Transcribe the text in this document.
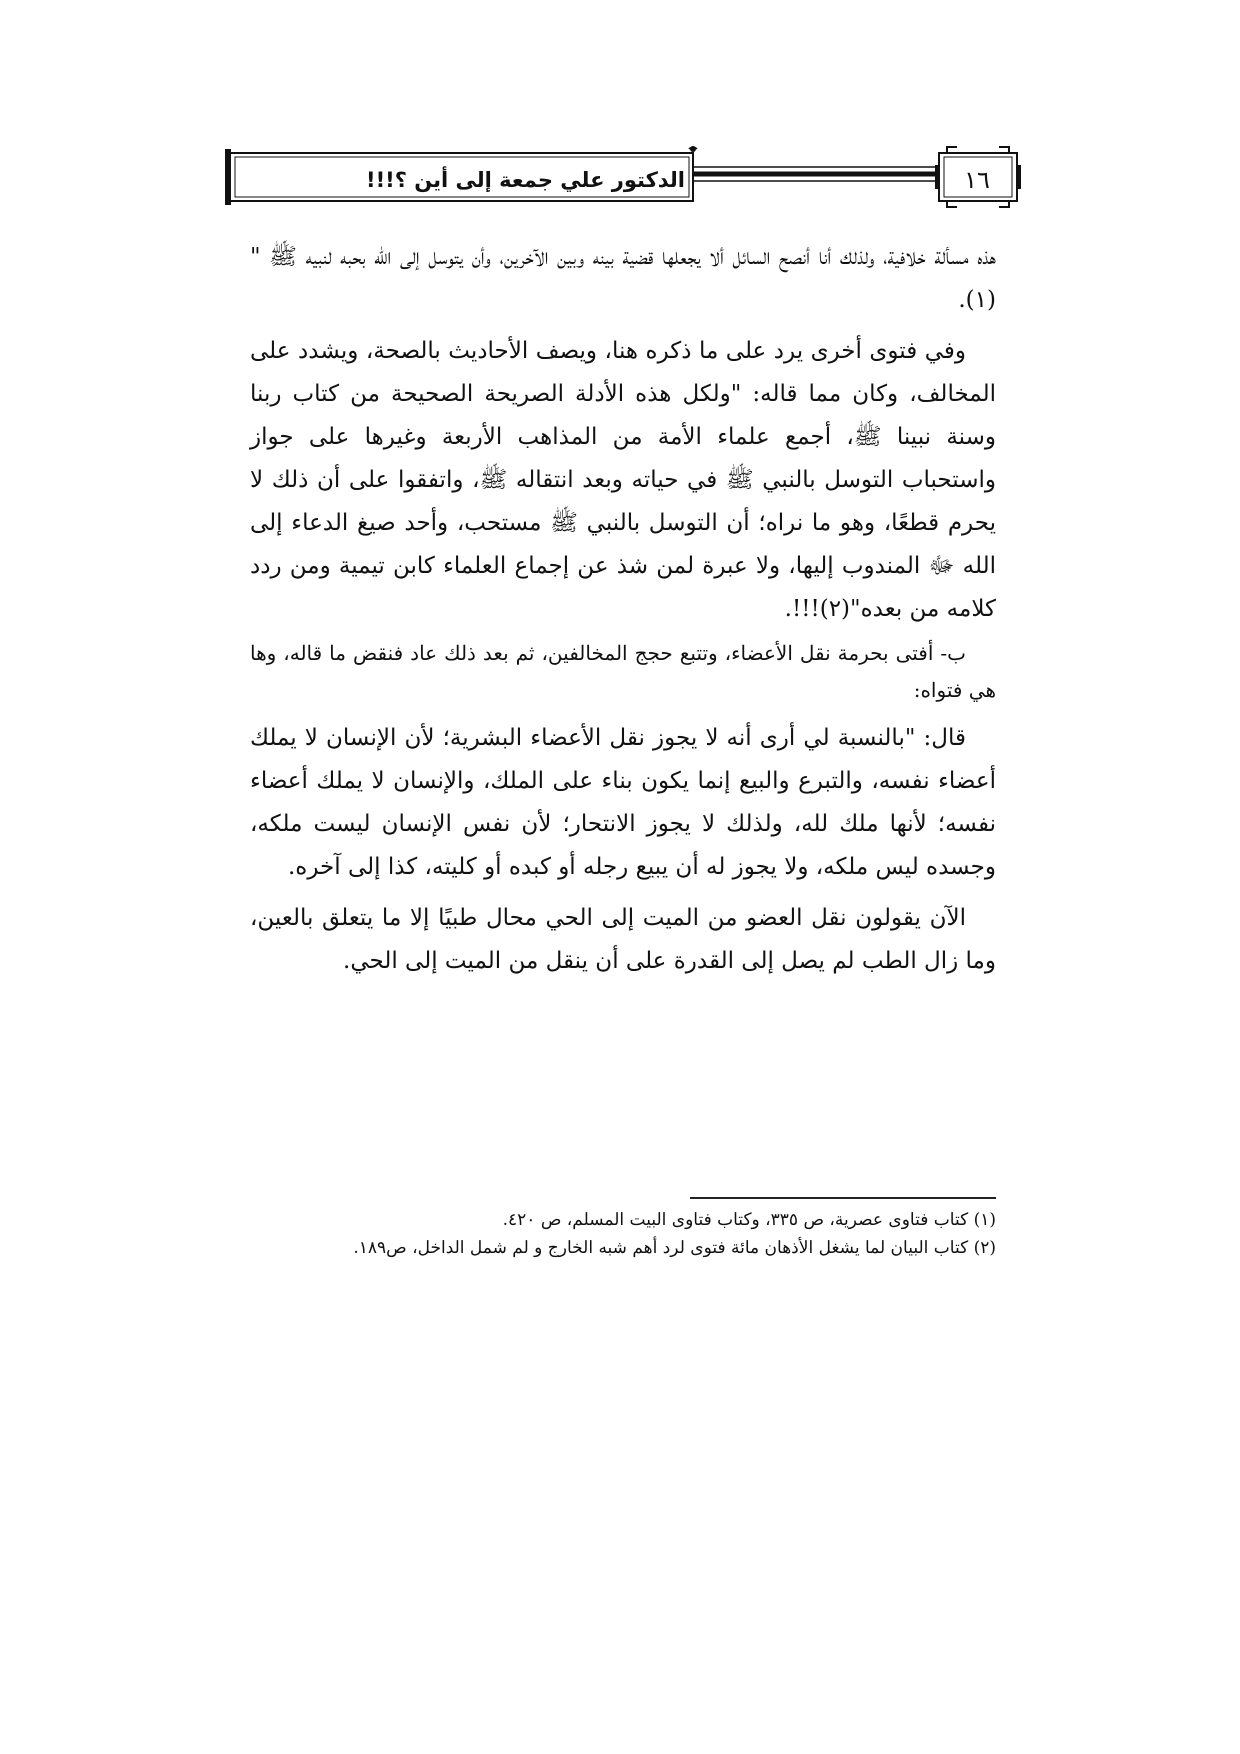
الدكتور علي جمعة إلى أين ؟!!!	١٦

هذه مسألة خلافية، ولذلك أنا أنصح السائل ألا يجعلها قضية بينه وبين الآخرين، وأن يتوسل إلى الله بحبه لنبيه ﷺ "(١).

وفي فتوى أخرى يرد على ما ذكره هنا، ويصف الأحاديث بالصحة، ويشدد على المخالف، وكان مما قاله: "ولكل هذه الأدلة الصريحة الصحيحة من كتاب ربنا وسنة نبينا ﷺ، أجمع علماء الأمة من المذاهب الأربعة وغيرها على جواز واستحباب التوسل بالنبي ﷺ في حياته وبعد انتقاله ﷺ، واتفقوا على أن ذلك لا يحرم قطعًا، وهو ما نراه؛ أن التوسل بالنبي ﷺ مستحب، وأحد صيغ الدعاء إلى الله ﷻ المندوب إليها، ولا عبرة لمن شذ عن إجماع العلماء كابن تيمية ومن ردد كلامه من بعده"(٢)!!!.

ب- أفتى بحرمة نقل الأعضاء، وتتبع حجج المخالفين، ثم بعد ذلك عاد فنقض ما قاله، وها هي فتواه:

قال: "بالنسبة لي أرى أنه لا يجوز نقل الأعضاء البشرية؛ لأن الإنسان لا يملك أعضاء نفسه، والتبرع والبيع إنما يكون بناء على الملك، والإنسان لا يملك أعضاء نفسه؛ لأنها ملك لله، ولذلك لا يجوز الانتحار؛ لأن نفس الإنسان ليست ملكه، وجسده ليس ملكه، ولا يجوز له أن يبيع رجله أو كبده أو كليته، كذا إلى آخره.

الآن يقولون نقل العضو من الميت إلى الحي محال طبيًا إلا ما يتعلق بالعين، وما زال الطب لم يصل إلى القدرة على أن ينقل من الميت إلى الحي.

(١) كتاب فتاوى عصرية، ص ٣٣٥، وكتاب فتاوى البيت المسلم، ص ٤٢٠.

(٢) كتاب البيان لما يشغل الأذهان مائة فتوى لرد أهم شبه الخارج و لم شمل الداخل، ص١٨٩.
